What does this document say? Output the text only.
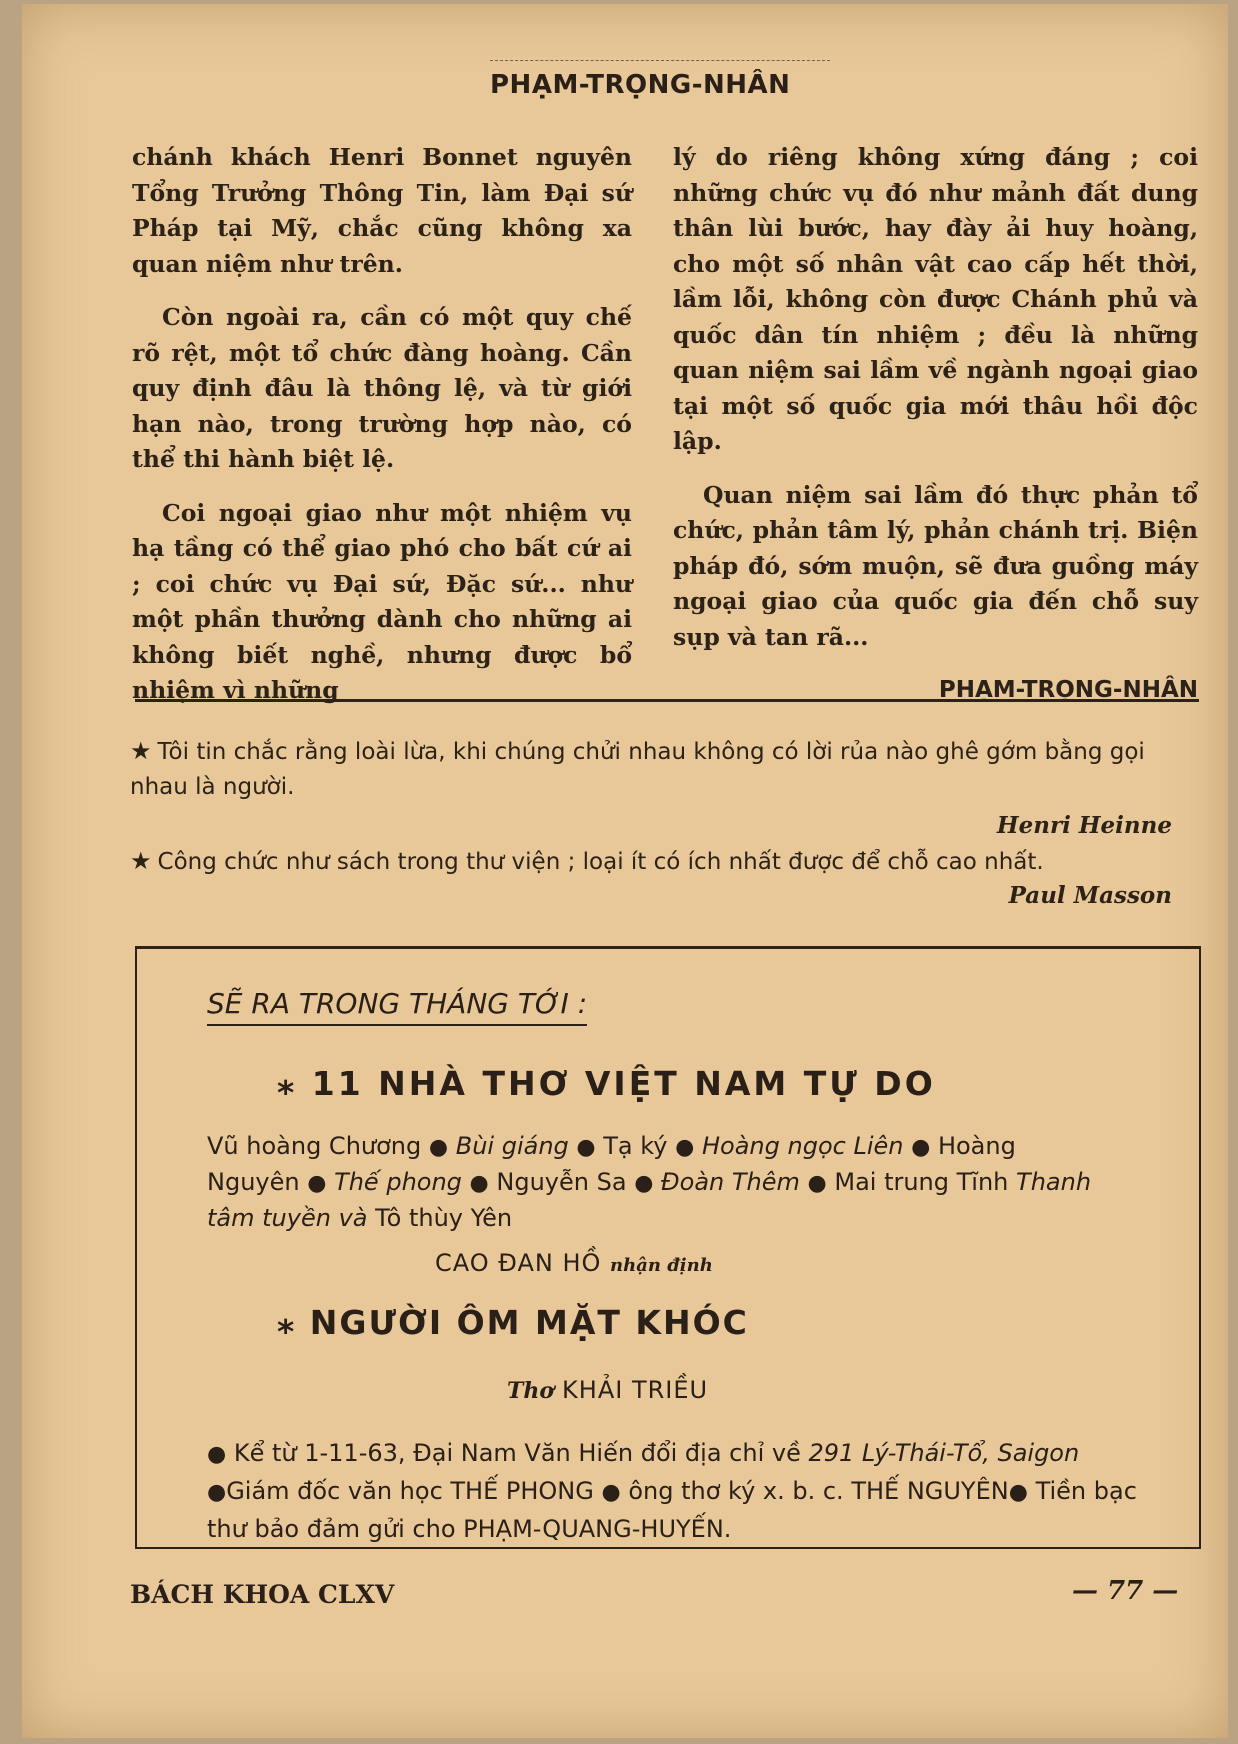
PHẠM-TRỌNG-NHÂN

chánh khách Henri Bonnet nguyên Tổng Trưởng Thông Tin, làm Đại sứ Pháp tại Mỹ, chắc cũng không xa quan niệm như trên.

Còn ngoài ra, cần có một quy chế rõ rệt, một tổ chức đàng hoàng. Cần quy định đâu là thông lệ, và từ giới hạn nào, trong trường hợp nào, có thể thi hành biệt lệ.

Coi ngoại giao như một nhiệm vụ hạ tầng có thể giao phó cho bất cứ ai ; coi chức vụ Đại sứ, Đặc sứ... như một phần thưởng dành cho những ai không biết nghề, nhưng được bổ nhiệm vì những

lý do riêng không xứng đáng ; coi những chức vụ đó như mảnh đất dung thân lùi bước, hay đày ải huy hoàng, cho một số nhân vật cao cấp hết thời, lầm lỗi, không còn được Chánh phủ và quốc dân tín nhiệm ; đều là những quan niệm sai lầm về ngành ngoại giao tại một số quốc gia mới thâu hồi độc lập.

Quan niệm sai lầm đó thực phản tổ chức, phản tâm lý, phản chánh trị. Biện pháp đó, sớm muộn, sẽ đưa guồng máy ngoại giao của quốc gia đến chỗ suy sụp và tan rã...

PHẠM-TRỌNG-NHÂN
★ Tôi tin chắc rằng loài lừa, khi chúng chửi nhau không có lời rủa nào ghê gớm bằng gọi nhau là người.
Henri Heinne
★ Công chức như sách trong thư viện ; loại ít có ích nhất được để chỗ cao nhất.
Paul Masson
SẼ RA TRONG THÁNG TỚI :
⁎ 11 NHÀ THƠ VIỆT NAM TỰ DO
Vũ hoàng Chương ● Bùi giáng ● Tạ ký ● Hoàng ngọc Liên ● Hoàng Nguyên ● Thế phong ● Nguyễn Sa ● Đoàn Thêm ● Mai trung Tĩnh Thanh tâm tuyền và Tô thùy Yên
CAO ĐAN HỒ nhận định
⁎ NGƯỜI ÔM MẶT KHÓC
Thơ KHẢI TRIỀU
● Kể từ 1-11-63, Đại Nam Văn Hiến đổi địa chỉ về 291 Lý-Thái-Tổ, Saigon ●Giám đốc văn học THẾ PHONG ● ông thơ ký x. b. c. THẾ NGUYÊN● Tiền bạc thư bảo đảm gửi cho PHẠM-QUANG-HUYẾN.
BÁCH KHOA CLXV	— 77 —
